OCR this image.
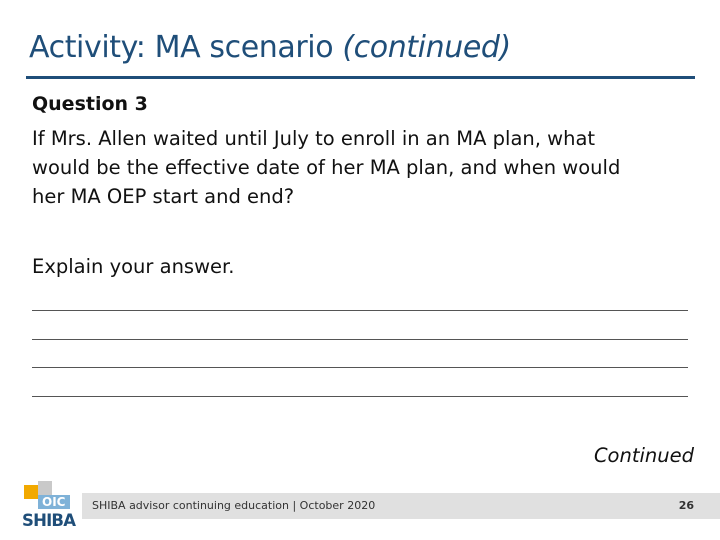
Activity: MA scenario (continued)
Question 3
If Mrs. Allen waited until July to enroll in an MA plan, what
would be the effective date of her MA plan, and when would
her MA OEP start and end?
Explain your answer.
Continued
SHIBA advisor continuing education | October 2020	26
WA
OIC
SHIBA
